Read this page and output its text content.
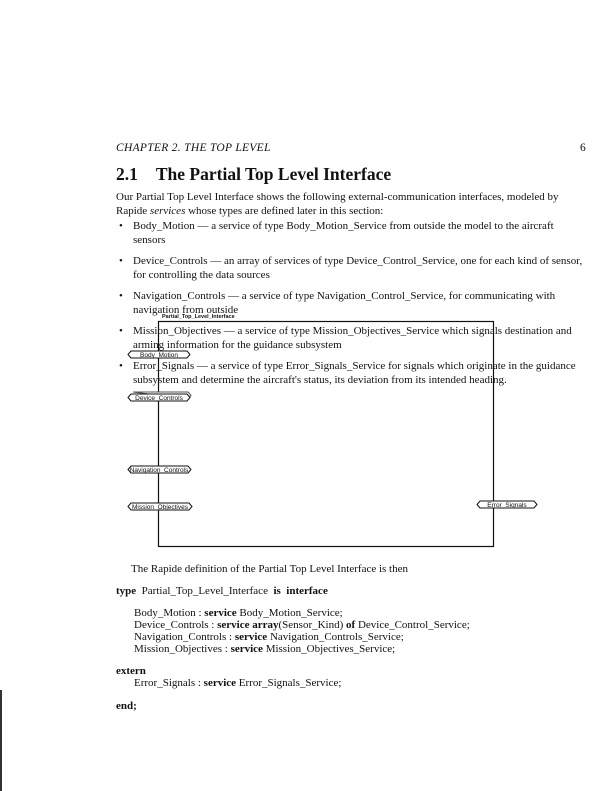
CHAPTER 2. THE TOP LEVEL	6
2.1 The Partial Top Level Interface
Our Partial Top Level Interface shows the following external-communication interfaces, modeled by Rapide services whose types are defined later in this section:
• Body_Motion — a service of type Body_Motion_Service from outside the model to the aircraft sensors
• Device_Controls — an array of services of type Device_Control_Service, one for each kind of sensor, for controlling the data sources
• Navigation_Controls — a service of type Navigation_Control_Service, for communicating with navigation from outside
• Mission_Objectives — a service of type Mission_Objectives_Service which signals destination and arming information for the guidance subsystem
• Error_Signals — a service of type Error_Signals_Service for signals which originate in the guidance subsystem and determine the aircraft's status, its deviation from its intended heading.
Partial_Top_Level_Interface
Body_Motion
Device_Controls
Navigation_Controls
Mission_Objectives	Error_Signals
The Rapide definition of the Partial Top Level Interface is then
type Partial_Top_Level_Interface is interface
Body_Motion : service Body_Motion_Service;
Device_Controls : service array(Sensor_Kind) of Device_Control_Service;
Navigation_Controls : service Navigation_Controls_Service;
Mission_Objectives : service Mission_Objectives_Service;
extern
Error_Signals : service Error_Signals_Service;
end;
